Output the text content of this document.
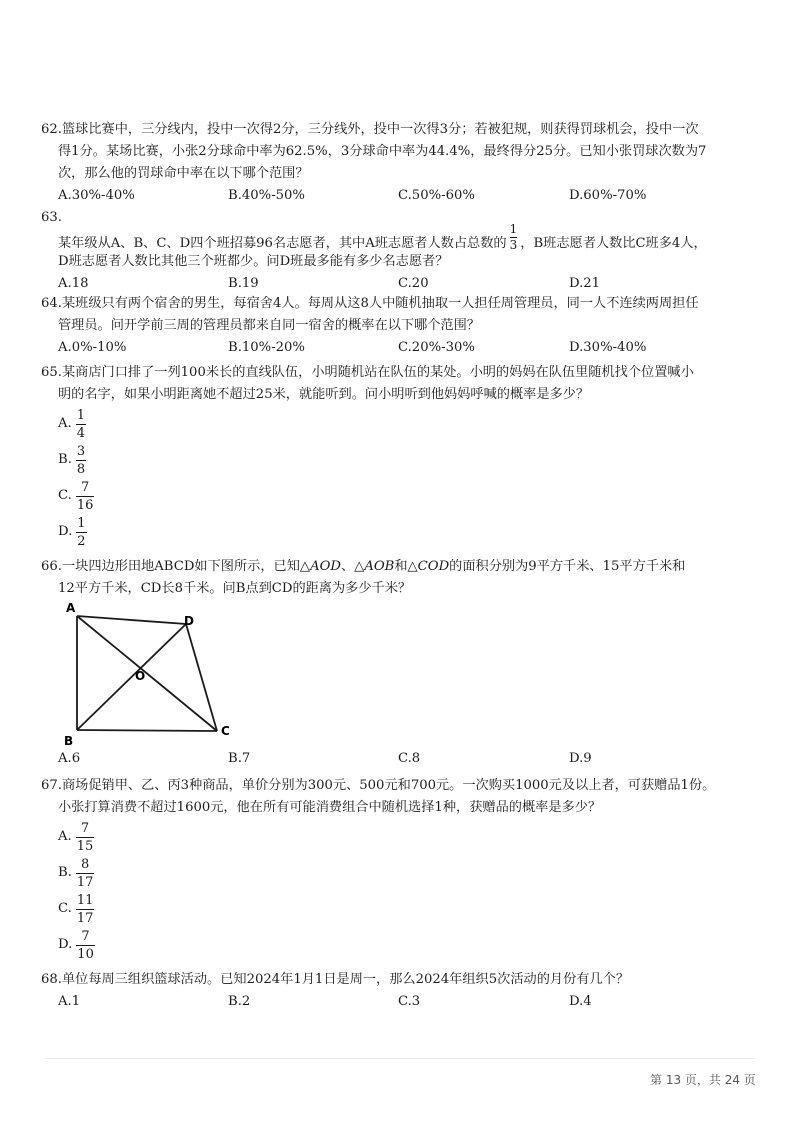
62.篮球比赛中，三分线内，投中一次得2分，三分线外，投中一次得3分；若被犯规，则获得罚球机会，投中一次
得1分。某场比赛，小张2分球命中率为62.5%，3分球命中率为44.4%，最终得分25分。已知小张罚球次数为7
次，那么他的罚球命中率在以下哪个范围？
A.30%-40%	B.40%-50%	C.50%-60%	D.60%-70%
63.
某年级从A、B、C、D四个班招募96名志愿者，其中A班志愿者人数占总数的 $\frac{1}{3}$ ，B班志愿者人数比C班多4人，
D班志愿者人数比其他三个班都少。问D班最多能有多少名志愿者？
A.18	B.19	C.20	D.21
64.某班级只有两个宿舍的男生，每宿舍4人。每周从这8人中随机抽取一人担任周管理员，同一人不连续两周担任
管理员。问开学前三周的管理员都来自同一宿舍的概率在以下哪个范围？
A.0%-10%	B.10%-20%	C.20%-30%	D.30%-40%
65.某商店门口排了一列100米长的直线队伍，小明随机站在队伍的某处。小明的妈妈在队伍里随机找个位置喊小
明的名字，如果小明距离她不超过25米，就能听到。问小明听到他妈妈呼喊的概率是多少？
A. $\frac{1}{4}$
B. $\frac{3}{8}$
C. $\frac{7}{16}$
D. $\frac{1}{2}$
66.一块四边形田地ABCD如下图所示，已知△AOD、△AOB和△COD的面积分别为9平方千米、15平方千米和
12平方千米，CD长8千米。问B点到CD的距离为多少千米？
A
D
O
B
C
A.6	B.7	C.8	D.9
67.商场促销甲、乙、丙3种商品，单价分别为300元、500元和700元。一次购买1000元及以上者，可获赠品1份。
小张打算消费不超过1600元，他在所有可能消费组合中随机选择1种，获赠品的概率是多少？
A. $\frac{7}{15}$
B. $\frac{8}{17}$
C. $\frac{11}{17}$
D. $\frac{7}{10}$
68.单位每周三组织篮球活动。已知2024年1月1日是周一，那么2024年组织5次活动的月份有几个？
A.1	B.2	C.3	D.4
第 13 页，共 24 页
